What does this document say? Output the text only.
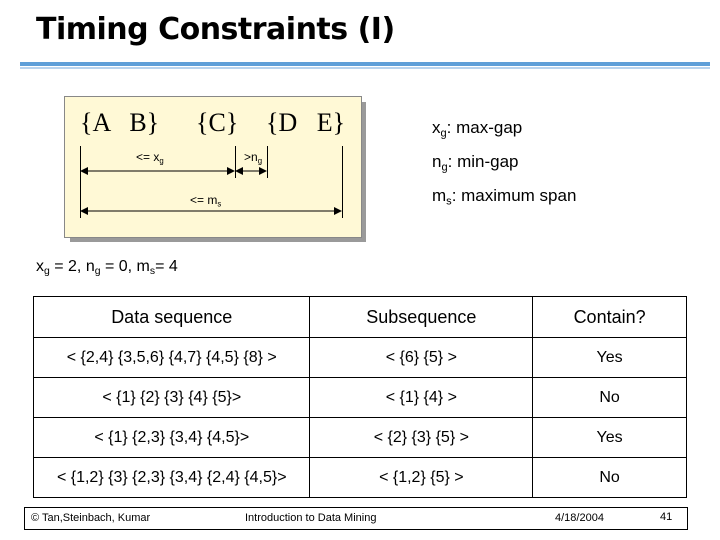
Timing Constraints (I)
{A   B} {C} {D   E}
<= $x_g$	$>n_g$
<= $m_s$
$x_g$: max-gap
$n_g$: min-gap
$m_s$: maximum span
$x_g = 2$, $n_g = 0$, $m_s= 4$
Data sequence	Subsequence	Contain?
< {2,4} {3,5,6} {4,7} {4,5} {8} >	< {6} {5} >	Yes
< {1} {2} {3} {4} {5}>	< {1} {4} >	No
< {1} {2,3} {3,4} {4,5}>	< {2} {3} {5} >	Yes
< {1,2} {3} {2,3} {3,4} {2,4} {4,5}>	< {1,2} {5} >	No
© Tan,Steinbach, Kumar	Introduction to Data Mining	4/18/2004	41
